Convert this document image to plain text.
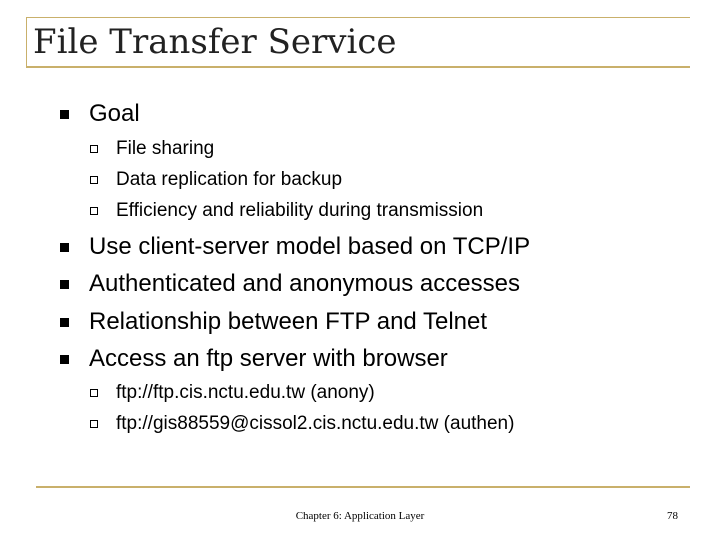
File Transfer Service
Goal
File sharing
Data replication for backup
Efficiency and reliability during transmission
Use client-server model based on TCP/IP
Authenticated and anonymous accesses
Relationship between FTP and Telnet
Access an ftp server with browser
ftp://ftp.cis.nctu.edu.tw (anony)
ftp://gis88559@cissol2.cis.nctu.edu.tw (authen)
Chapter 6: Application Layer	78
